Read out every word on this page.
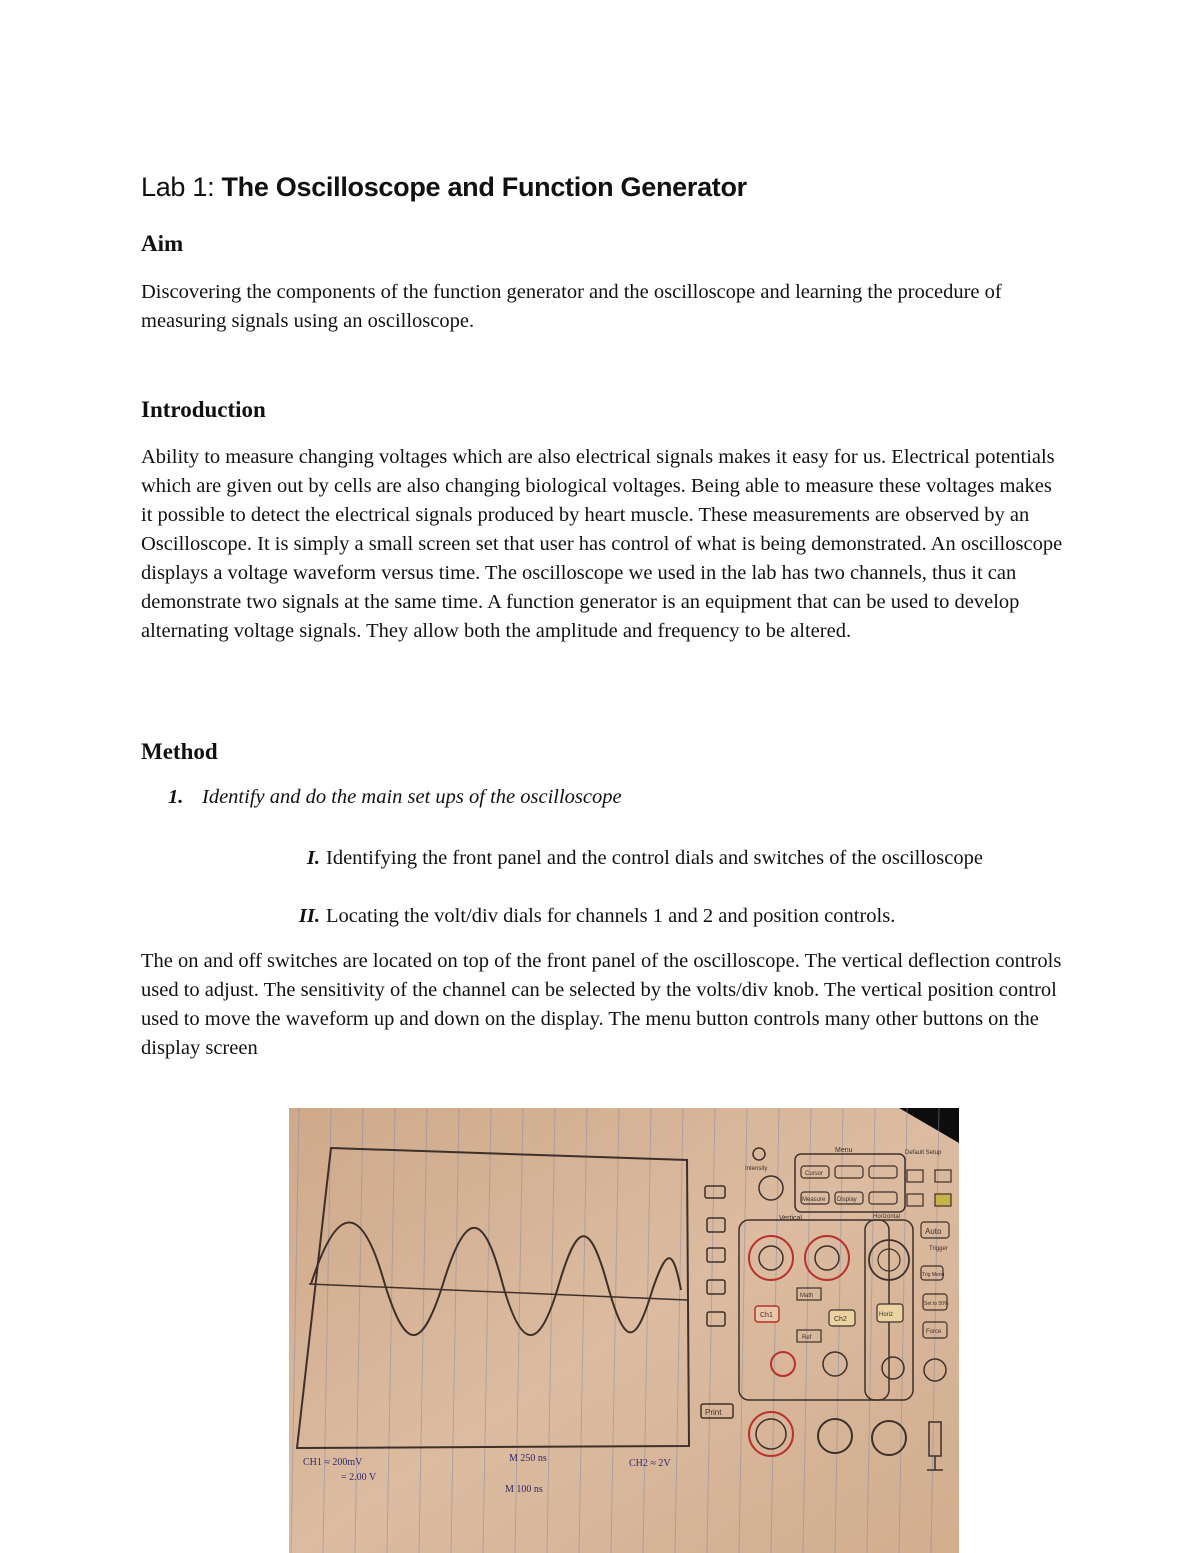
Lab 1: The Oscilloscope and Function Generator
Aim

Discovering the components of the function generator and the oscilloscope and learning the procedure of measuring signals using an oscilloscope.

Introduction

Ability to measure changing voltages which are also electrical signals makes it easy for us. Electrical potentials which are given out by cells are also changing biological voltages. Being able to measure these voltages makes it possible to detect the electrical signals produced by heart muscle. These measurements are observed by an Oscilloscope. It is simply a small screen set that user has control of what is being demonstrated. An oscilloscope displays a voltage waveform versus time. The oscilloscope we used in the lab has two channels, thus it can demonstrate two signals at the same time. A function generator is an equipment that can be used to develop alternating voltage signals. They allow both the amplitude and frequency to be altered.

Method
1. Identify and do the main set ups of the oscilloscope
I. Identifying the front panel and the control dials and switches of the oscilloscope
II. Locating the volt/div dials for channels 1 and 2 and position controls.

The on and off switches are located on top of the front panel of the oscilloscope. The vertical deflection controls used to adjust. The sensitivity of the channel can be selected by the volts/div knob. The vertical position control used to move the waveform up and down on the display. The menu button controls many other buttons on the display screen

CH1 ≈ 200mV
= 2.00 V
M 250 ns
M 100 ns
CH2 ≈ 2V
Print
Intensity
Menu
Cursor
Measure Display
Default Setup
Vertical
Math
Ch1
Ch2
Ref
Horizontal
Horiz
Auto
Trigger
Trig Menu
Set to 50%
Force
